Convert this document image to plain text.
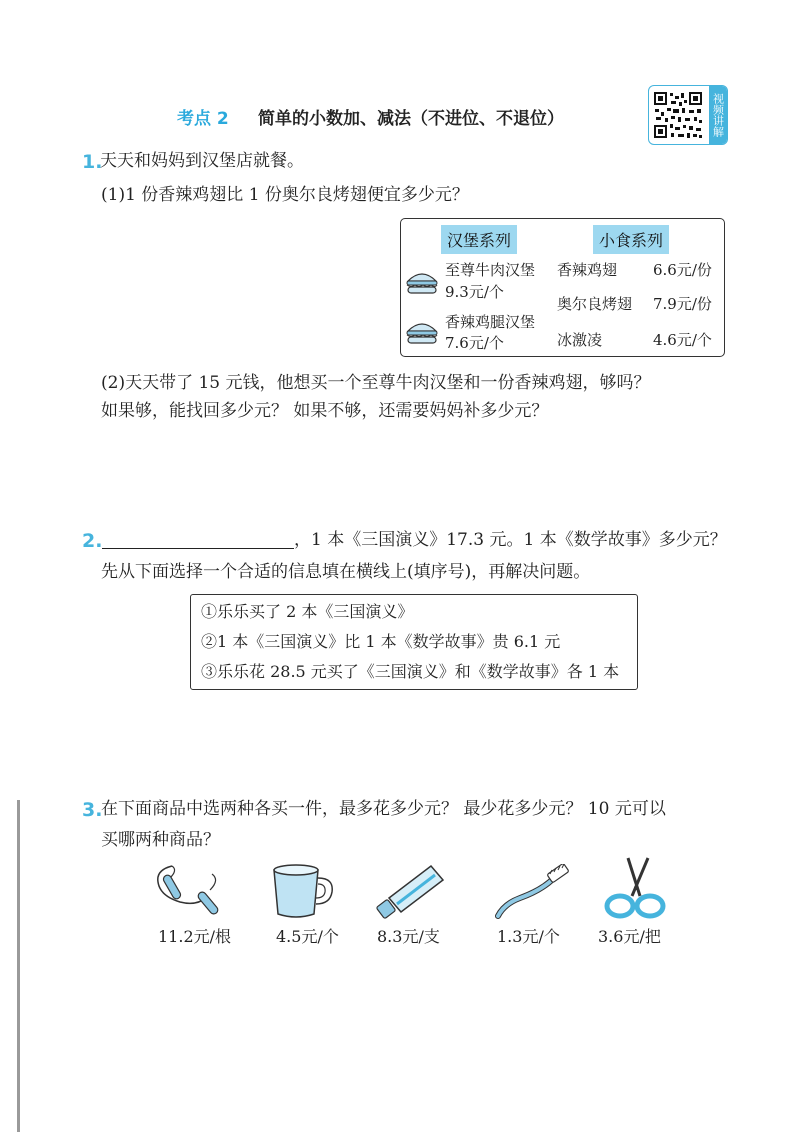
考点 2 简单的小数加、减法（不进位、不退位）	视频讲解
1.
天天和妈妈到汉堡店就餐。
(1)1 份香辣鸡翅比 1 份奥尔良烤翅便宜多少元？
汉堡系列	小食系列
至尊牛肉汉堡
9.3元/个
香辣鸡腿汉堡
7.6元/个
香辣鸡翅 6.6元/份
奥尔良烤翅 7.9元/份
冰激凌	4.6元/个
(2)天天带了 15 元钱，他想买一个至尊牛肉汉堡和一份香辣鸡翅，够吗？
如果够，能找回多少元？ 如果不够，还需要妈妈补多少元？
2.	，1 本《三国演义》17.3 元。1 本《数学故事》多少元？
先从下面选择一个合适的信息填在横线上(填序号)，再解决问题。
①乐乐买了 2 本《三国演义》
②1 本《三国演义》比 1 本《数学故事》贵 6.1 元
③乐乐花 28.5 元买了《三国演义》和《数学故事》各 1 本
3.
在下面商品中选两种各买一件，最多花多少元？ 最少花多少元？ 10 元可以
买哪两种商品？
11.2元/根	4.5元/个 8.3元/支	1.3元/个 3.6元/把
